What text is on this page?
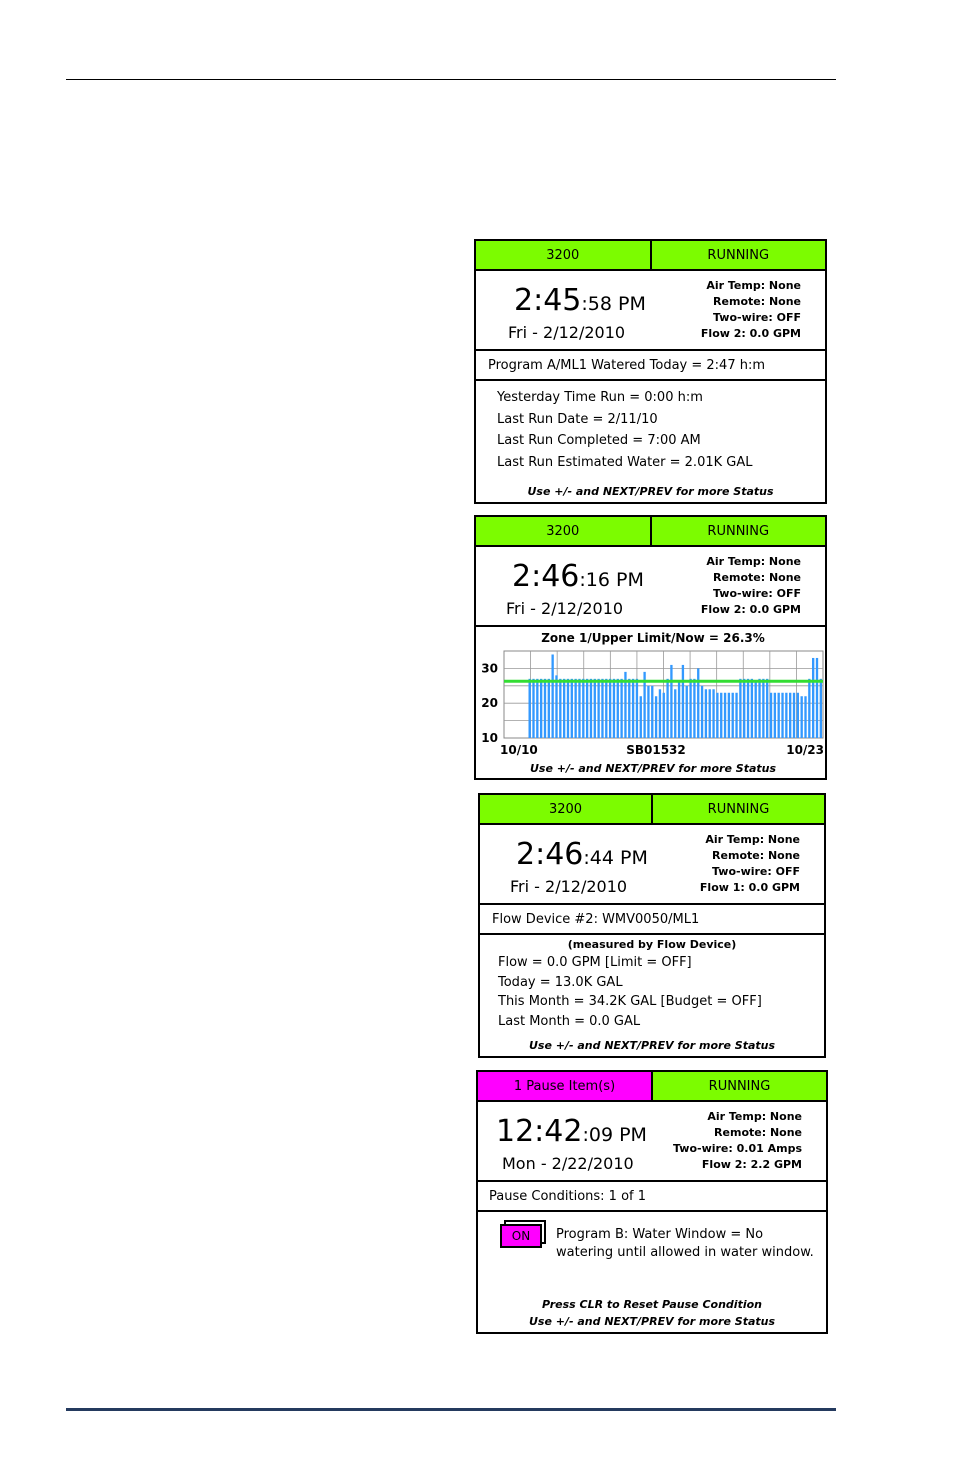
3200	RUNNING
2:45:58 PM
Fri - 2/12/2010
Air Temp: None
Remote: None
Two-wire: OFF
Flow 2: 0.0 GPM
Program A/ML1 Watered Today = 2:47 h:m
Yesterday Time Run = 0:00 h:m
Last Run Date = 2/11/10
Last Run Completed = 7:00 AM
Last Run Estimated Water = 2.01K GAL
Use +/- and NEXT/PREV for more Status
3200	RUNNING
2:46:16 PM
Fri - 2/12/2010
Air Temp: None
Remote: None
Two-wire: OFF
Flow 2: 0.0 GPM
Zone 1/Upper Limit/Now = 26.3%
30
20
10
10/10	SB01532	10/23
Use +/- and NEXT/PREV for more Status
3200	RUNNING
2:46:44 PM
Fri - 2/12/2010
Air Temp: None
Remote: None
Two-wire: OFF
Flow 1: 0.0 GPM
Flow Device #2: WMV0050/ML1
(measured by Flow Device)
Flow = 0.0 GPM [Limit = OFF]
Today = 13.0K GAL
This Month = 34.2K GAL [Budget = OFF]
Last Month = 0.0 GAL
Use +/- and NEXT/PREV for more Status
1 Pause Item(s)	RUNNING
12:42:09 PM
Mon - 2/22/2010
Air Temp: None
Remote: None
Two-wire: 0.01 Amps
Flow 2: 2.2 GPM
Pause Conditions: 1 of 1
ON	Program B: Water Window = No watering until allowed in water window.
Press CLR to Reset Pause Condition
Use +/- and NEXT/PREV for more Status
